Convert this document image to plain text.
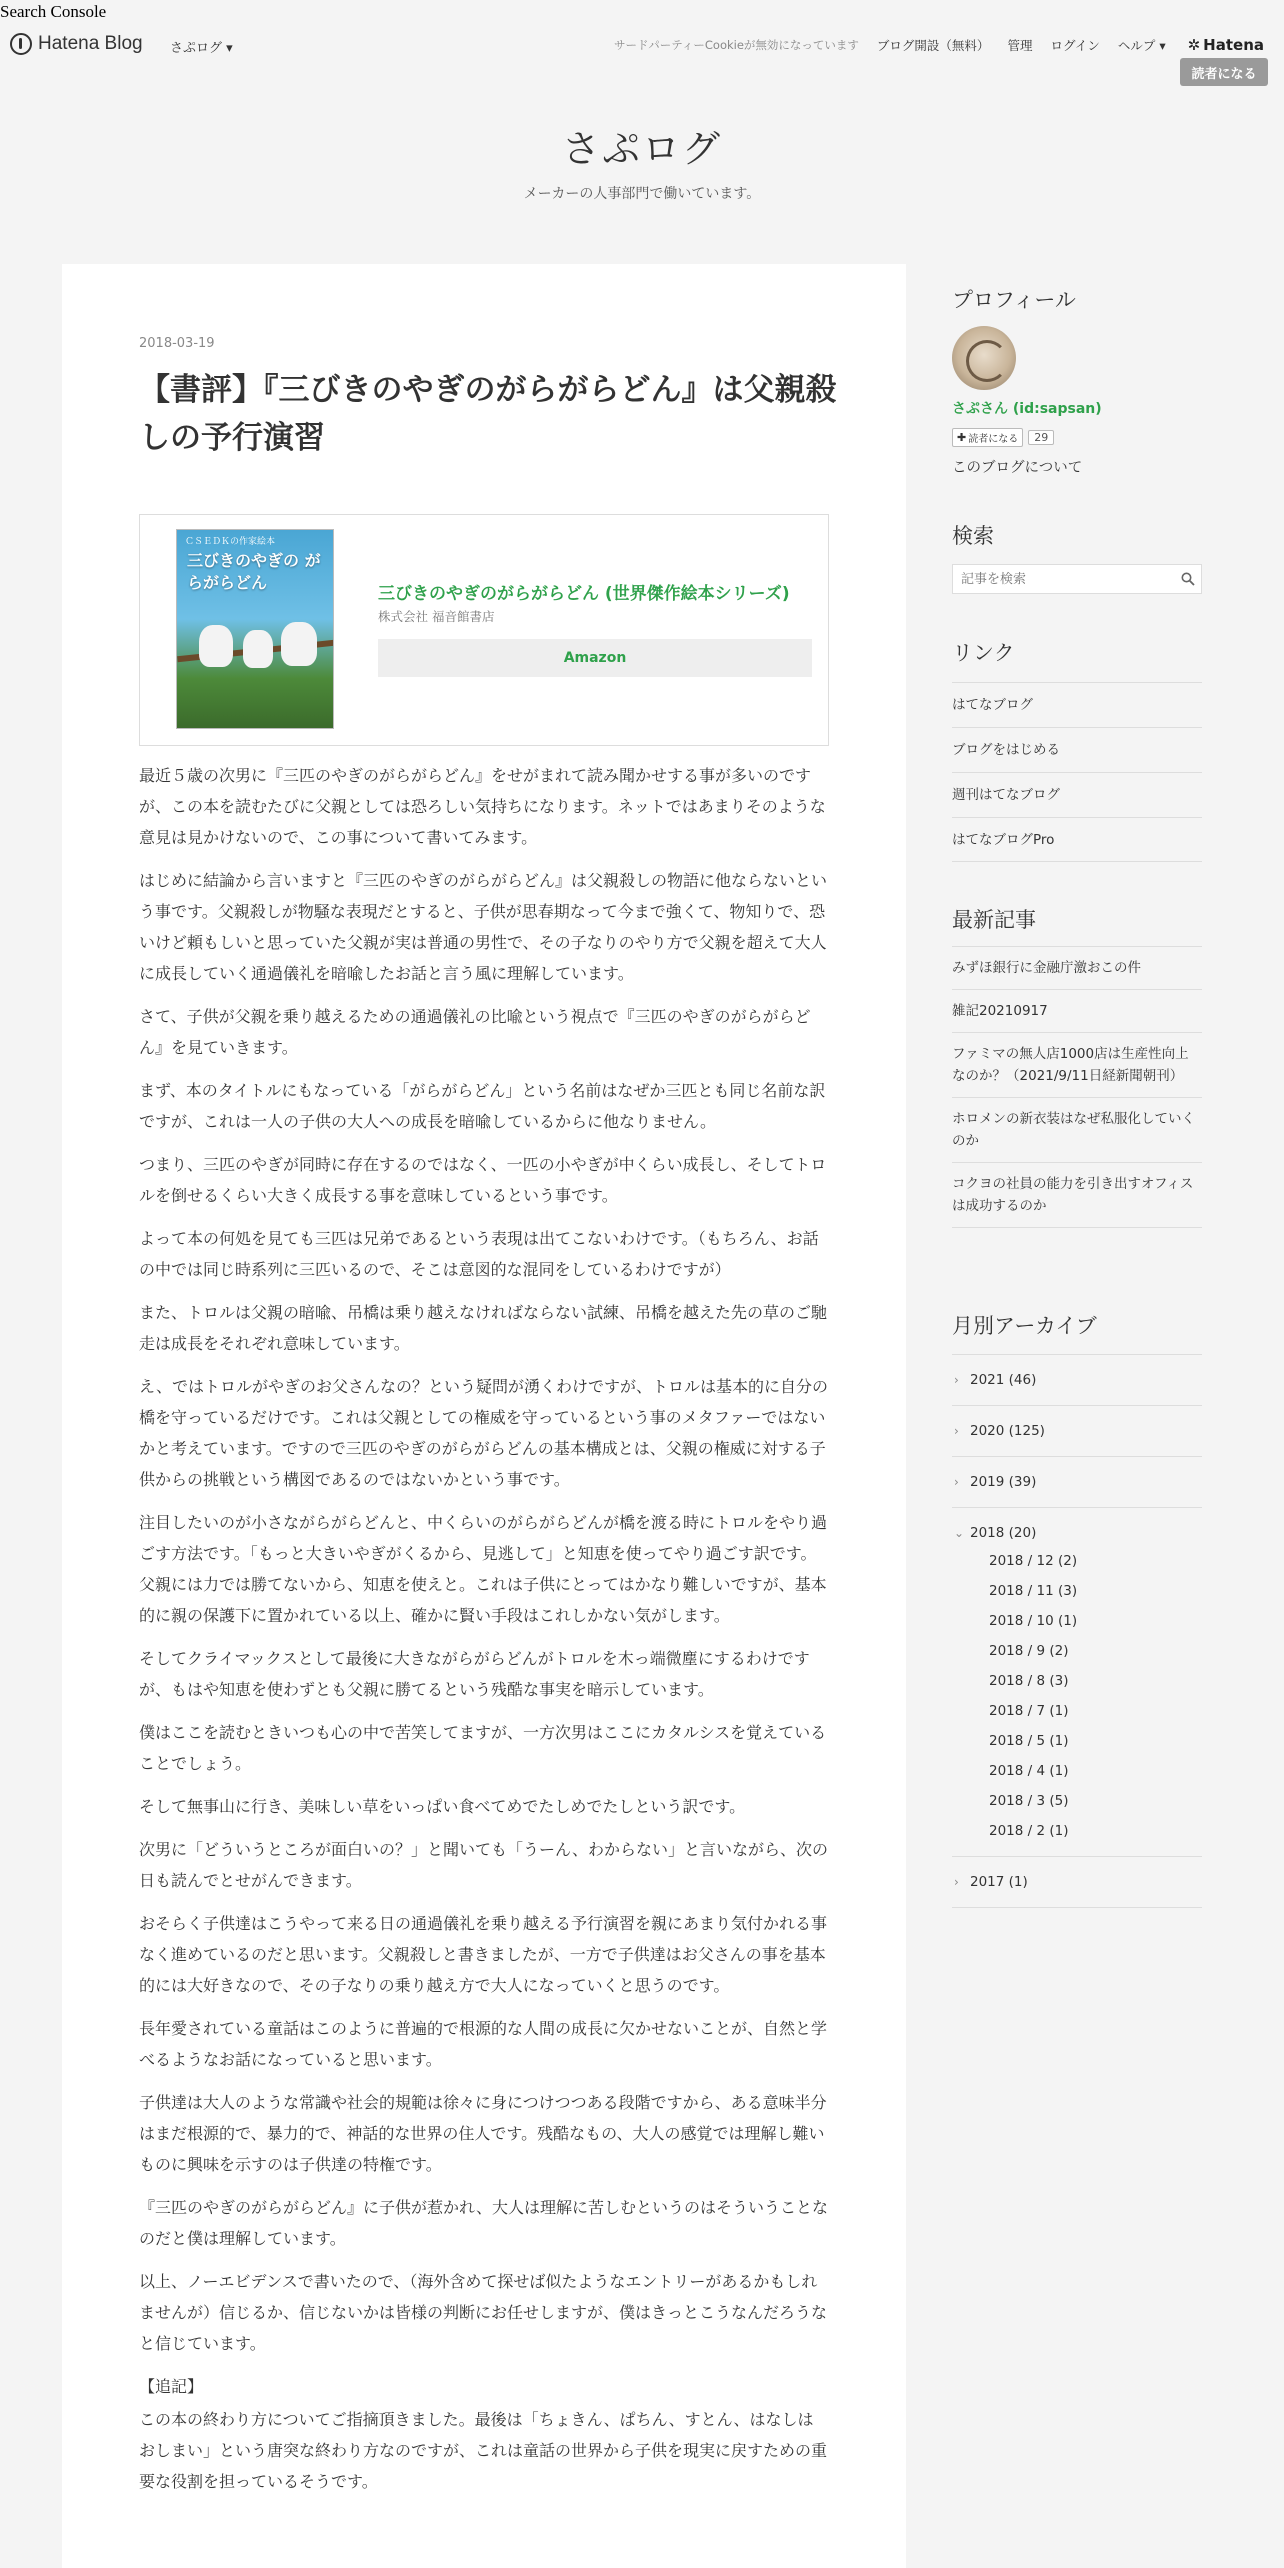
Search Console
Hatena Blog さぷログ ▾	サードパーティーCookieが無効になっています ブログ開設（無料） 管理 ログイン ヘルプ ▾ ✲ Hatena
読者になる
さぷログ
メーカーの人事部門で働いています。
2018-03-19
【書評】『三びきのやぎのがらがらどん』は父親殺しの予行演習
ＣＳＥＤＫの作家絵本
三びきのやぎの がらがらどん
三びきのやぎのがらがらどん (世界傑作絵本シリーズ)
株式会社 福音館書店
Amazon

最近５歳の次男に『三匹のやぎのがらがらどん』をせがまれて読み聞かせする事が多いのですが、この本を読むたびに父親としては恐ろしい気持ちになります。ネットではあまりそのような意見は見かけないので、この事について書いてみます。

はじめに結論から言いますと『三匹のやぎのがらがらどん』は父親殺しの物語に他ならないという事です。父親殺しが物騒な表現だとすると、子供が思春期なって今まで強くて、物知りで、恐いけど頼もしいと思っていた父親が実は普通の男性で、その子なりのやり方で父親を超えて大人に成長していく通過儀礼を暗喩したお話と言う風に理解しています。

さて、子供が父親を乗り越えるための通過儀礼の比喩という視点で『三匹のやぎのがらがらどん』を見ていきます。

まず、本のタイトルにもなっている「がらがらどん」という名前はなぜか三匹とも同じ名前な訳ですが、これは一人の子供の大人への成長を暗喩しているからに他なりません。

つまり、三匹のやぎが同時に存在するのではなく、一匹の小やぎが中くらい成長し、そしてトロルを倒せるくらい大きく成長する事を意味しているという事です。

よって本の何処を見ても三匹は兄弟であるという表現は出てこないわけです。（もちろん、お話の中では同じ時系列に三匹いるので、そこは意図的な混同をしているわけですが）

また、トロルは父親の暗喩、吊橋は乗り越えなければならない試練、吊橋を越えた先の草のご馳走は成長をそれぞれ意味しています。

え、ではトロルがやぎのお父さんなの？という疑問が湧くわけですが、トロルは基本的に自分の橋を守っているだけです。これは父親としての権威を守っているという事のメタファーではないかと考えています。ですので三匹のやぎのがらがらどんの基本構成とは、父親の権威に対する子供からの挑戦という構図であるのではないかという事です。

注目したいのが小さながらがらどんと、中くらいのがらがらどんが橋を渡る時にトロルをやり過ごす方法です。「もっと大きいやぎがくるから、見逃して」と知恵を使ってやり過ごす訳です。父親には力では勝てないから、知恵を使えと。これは子供にとってはかなり難しいですが、基本的に親の保護下に置かれている以上、確かに賢い手段はこれしかない気がします。

そしてクライマックスとして最後に大きながらがらどんがトロルを木っ端微塵にするわけですが、もはや知恵を使わずとも父親に勝てるという残酷な事実を暗示しています。

僕はここを読むときいつも心の中で苦笑してますが、一方次男はここにカタルシスを覚えていることでしょう。

そして無事山に行き、美味しい草をいっぱい食べてめでたしめでたしという訳です。

次男に「どういうところが面白いの？」と聞いても「うーん、わからない」と言いながら、次の日も読んでとせがんできます。

おそらく子供達はこうやって来る日の通過儀礼を乗り越える予行演習を親にあまり気付かれる事なく進めているのだと思います。父親殺しと書きましたが、一方で子供達はお父さんの事を基本的には大好きなので、その子なりの乗り越え方で大人になっていくと思うのです。

長年愛されている童話はこのように普遍的で根源的な人間の成長に欠かせないことが、自然と学べるようなお話になっていると思います。

子供達は大人のような常識や社会的規範は徐々に身につけつつある段階ですから、ある意味半分はまだ根源的で、暴力的で、神話的な世界の住人です。残酷なもの、大人の感覚では理解し難いものに興味を示すのは子供達の特権です。

『三匹のやぎのがらがらどん』に子供が惹かれ、大人は理解に苦しむというのはそういうことなのだと僕は理解しています。

以上、ノーエビデンスで書いたので、（海外含めて探せば似たようなエントリーがあるかもしれませんが）信じるか、信じないかは皆様の判断にお任せしますが、僕はきっとこうなんだろうなと信じています。

【追記】

この本の終わり方についてご指摘頂きました。最後は「ちょきん、ぱちん、すとん、はなしはおしまい」という唐突な終わり方なのですが、これは童話の世界から子供を現実に戻すための重要な役割を担っているそうです。

プロフィール
さぷさん (id:sapsan)
✚ 読者になる	29
このブログについて
検索
記事を検索
リンク
はてなブログ
ブログをはじめる
週刊はてなブログ
はてなブログPro
最新記事
みずほ銀行に金融庁激おこの件
雑記20210917
ファミマの無人店1000店は生産性向上なのか？（2021/9/11日経新聞朝刊）
ホロメンの新衣装はなぜ私服化していくのか
コクヨの社員の能力を引き出すオフィスは成功するのか
月別アーカイブ
› 2021 (46)
› 2020 (125)
› 2019 (39)
⌄ 2018 (20)
2018 / 12 (2)
2018 / 11 (3)
2018 / 10 (1)
2018 / 9 (2)
2018 / 8 (3)
2018 / 7 (1)
2018 / 5 (1)
2018 / 4 (1)
2018 / 3 (5)
2018 / 2 (1)
› 2017 (1)
